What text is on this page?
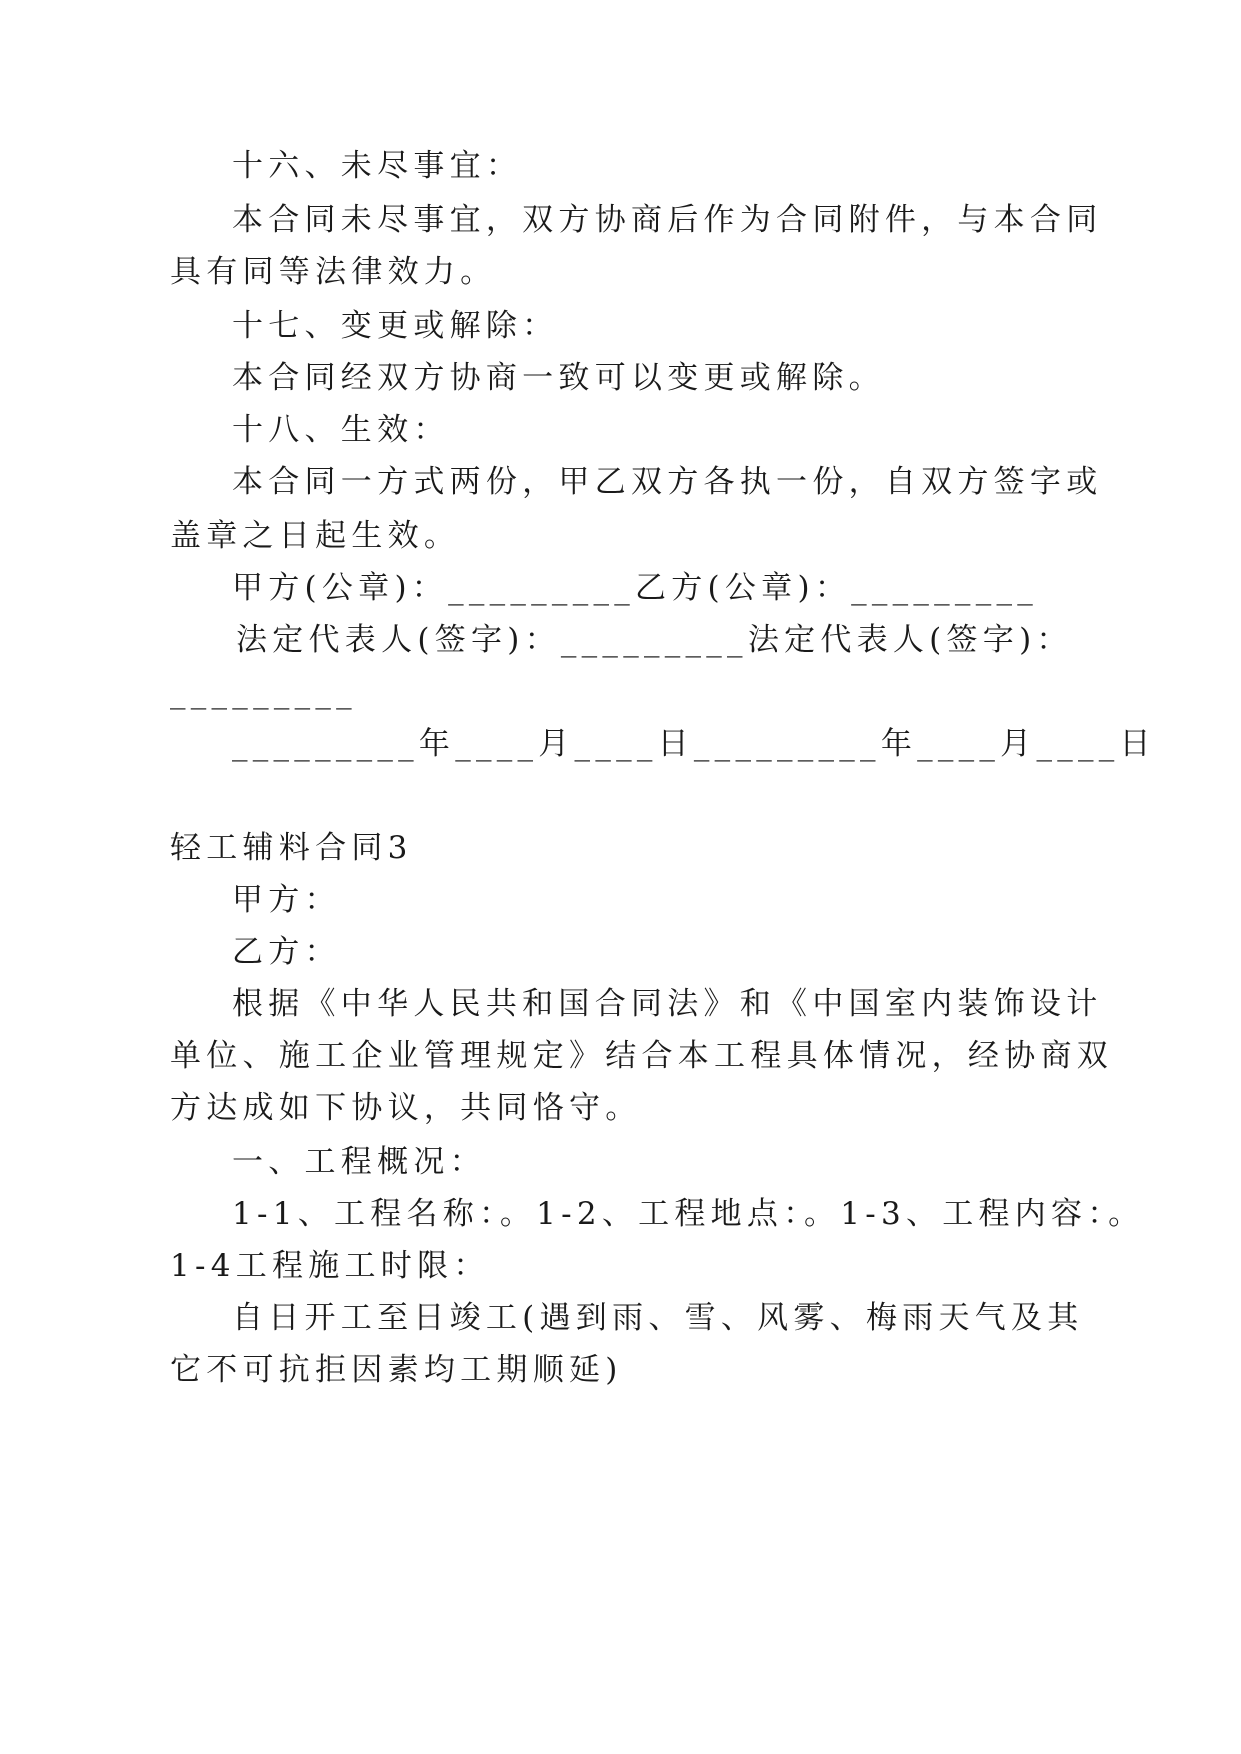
十六、未尽事宜：
本合同未尽事宜，双方协商后作为合同附件，与本合同
具有同等法律效力。
十七、变更或解除：
本合同经双方协商一致可以变更或解除。
十八、生效：
本合同一方式两份，甲乙双方各执一份，自双方签字或
盖章之日起生效。
甲方(公章)：_________乙方(公章)：_________
法定代表人(签字)：_________法定代表人(签字)：
_________
_________年____月____日_________年____月____日
轻工辅料合同3
甲方：
乙方：
根据《中华人民共和国合同法》和《中国室内装饰设计
单位、施工企业管理规定》结合本工程具体情况，经协商双
方达成如下协议，共同恪守。
一、工程概况：
1-1、工程名称：。1-2、工程地点：。1-3、工程内容：。
1-4工程施工时限：
自日开工至日竣工(遇到雨、雪、风雾、梅雨天气及其
它不可抗拒因素均工期顺延)
